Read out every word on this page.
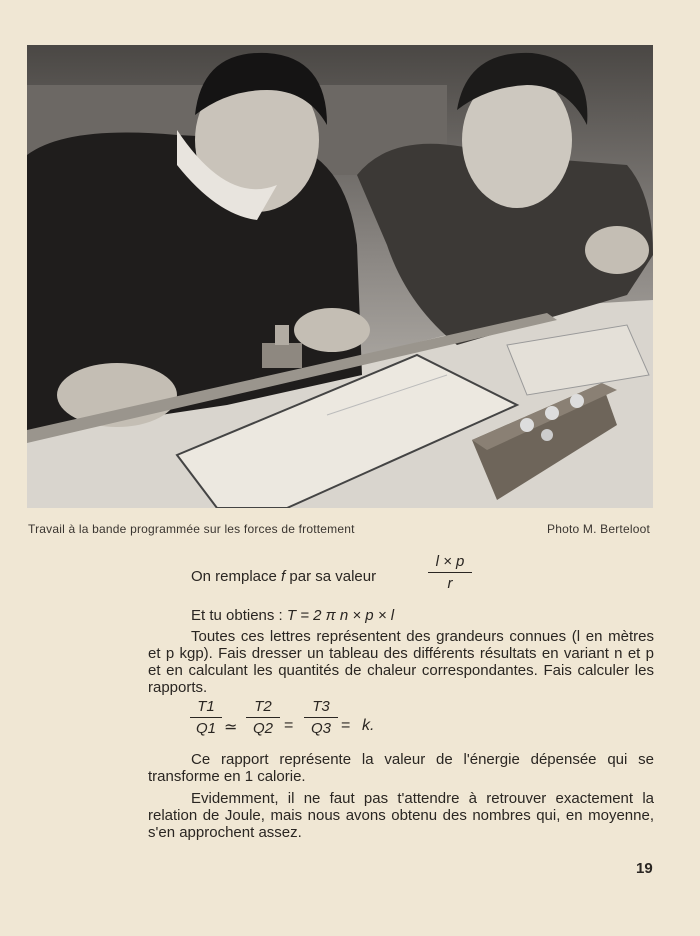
Travail à la bande programmée sur les forces de frottement	Photo M. Berteloot
On remplace f par sa valeur
l × p
r
Et tu obtiens : T = 2 π n × p × l
Toutes ces lettres représentent des grandeurs connues (l en mètres et p kgp). Fais dresser un tableau des différents résultats en variant n et p et en calculant les quantités de chaleur correspondantes. Fais calculer les rapports.
T1
Q1 ≃
T2
Q2 =
T3
Q3 = k.
Ce rapport représente la valeur de l'énergie dépensée qui se transforme en 1 calorie.
Evidemment, il ne faut pas t'attendre à retrouver exactement la relation de Joule, mais nous avons obtenu des nombres qui, en moyenne, s'en approchent assez.
19
